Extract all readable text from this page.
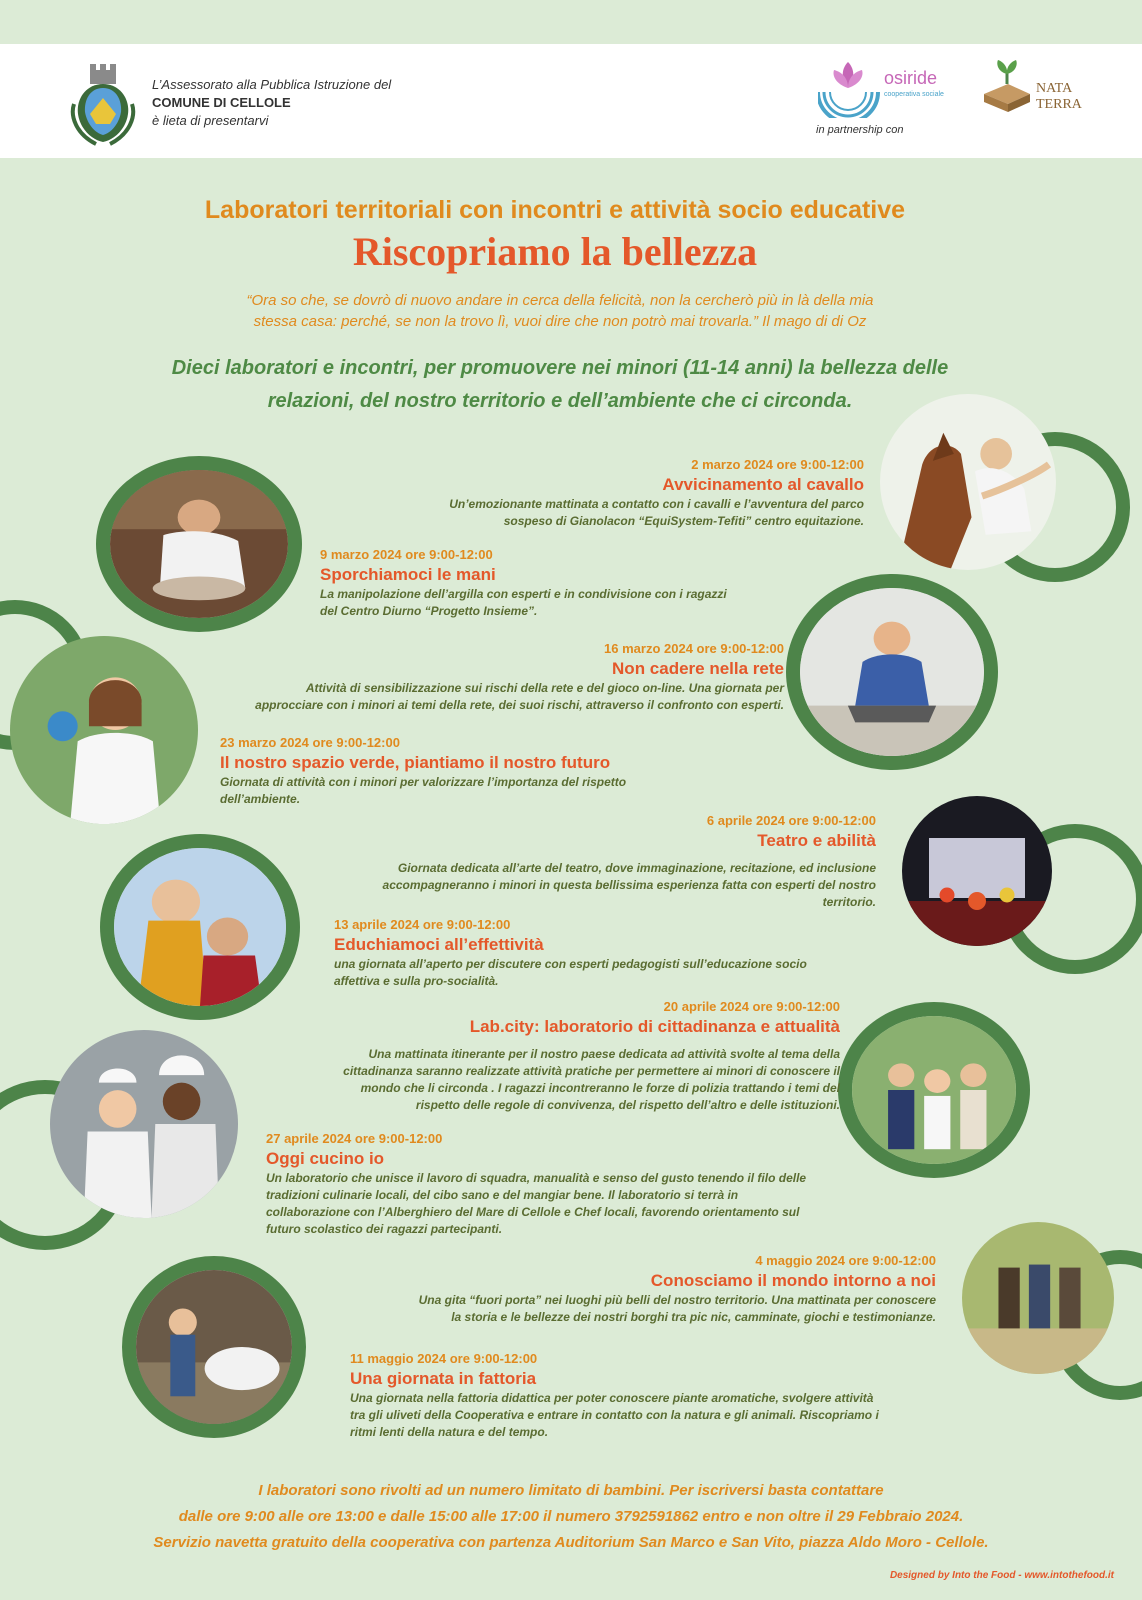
L’Assessorato alla Pubblica Istruzione del
COMUNE DI CELLOLE
è lieta di presentarvi
osiride
cooperativa sociale
in partnership con
NATA
TERRA
Laboratori territoriali con incontri e attività socio educative
Riscopriamo la bellezza
“Ora so che, se dovrò di nuovo andare in cerca della felicità, non la cercherò più in là della mia
stessa casa: perché, se non la trovo lì, vuoi dire che non potrò mai trovarla.” Il mago di di Oz
Dieci laboratori e incontri, per promuovere nei minori (11-14 anni) la bellezza delle
relazioni, del nostro territorio e dell’ambiente che ci circonda.
2 marzo 2024 ore 9:00-12:00
Avvicinamento al cavallo
Un’emozionante mattinata a contatto con i cavalli e l’avventura del parco
sospeso di Gianolacon “EquiSystem-Tefiti” centro equitazione.
9 marzo 2024 ore 9:00-12:00
Sporchiamoci le mani
La manipolazione dell’argilla con esperti e in condivisione con i ragazzi
del Centro Diurno “Progetto Insieme”.
16 marzo 2024 ore 9:00-12:00
Non cadere nella rete
Attività di sensibilizzazione sui rischi della rete e del gioco on-line. Una giornata per
approcciare con i minori ai temi della rete, dei suoi rischi, attraverso il confronto con esperti.
23 marzo 2024 ore 9:00-12:00
Il nostro spazio verde, piantiamo il nostro futuro
Giornata di attività con i minori per valorizzare l’importanza del rispetto
dell’ambiente.
6 aprile 2024 ore 9:00-12:00
Teatro e abilità
Giornata dedicata all’arte del teatro, dove immaginazione, recitazione, ed inclusione
accompagneranno i minori in questa bellissima esperienza fatta con esperti del nostro
territorio.
13 aprile 2024 ore 9:00-12:00
Educhiamoci all’effettività
una giornata all’aperto per discutere con esperti pedagogisti sull’educazione socio
affettiva e sulla pro-socialità.
20 aprile 2024 ore 9:00-12:00
Lab.city: laboratorio di cittadinanza e attualità
Una mattinata itinerante per il nostro paese dedicata ad attività svolte al tema della
cittadinanza saranno realizzate attività pratiche per permettere ai minori di conoscere il
mondo che li circonda . I ragazzi incontreranno le forze di polizia trattando i temi del
rispetto delle regole di convivenza, del rispetto dell’altro e delle istituzioni.
27 aprile 2024 ore 9:00-12:00
Oggi cucino io
Un laboratorio che unisce il lavoro di squadra, manualità e senso del gusto tenendo il filo delle
tradizioni culinarie locali, del cibo sano e del mangiar bene. Il laboratorio si terrà in
collaborazione con l’Alberghiero del Mare di Cellole e Chef locali, favorendo orientamento sul
futuro scolastico dei ragazzi partecipanti.
4 maggio 2024 ore 9:00-12:00
Conosciamo il mondo intorno a noi
Una gita “fuori porta” nei luoghi più belli del nostro territorio. Una mattinata per conoscere
la storia e le bellezze dei nostri borghi tra pic nic, camminate, giochi e testimonianze.
11 maggio 2024 ore 9:00-12:00
Una giornata in fattoria
Una giornata nella fattoria didattica per poter conoscere piante aromatiche, svolgere attività
tra gli uliveti della Cooperativa e entrare in contatto con la natura e gli animali. Riscopriamo i
ritmi lenti della natura e del tempo.
I laboratori sono rivolti ad un numero limitato di bambini. Per iscriversi basta contattare
dalle ore 9:00 alle ore 13:00 e dalle 15:00 alle 17:00 il numero 3792591862 entro e non oltre il 29 Febbraio 2024.
Servizio navetta gratuito della cooperativa con partenza Auditorium San Marco e San Vito, piazza Aldo Moro - Cellole.
Designed by Into the Food - www.intothefood.it
